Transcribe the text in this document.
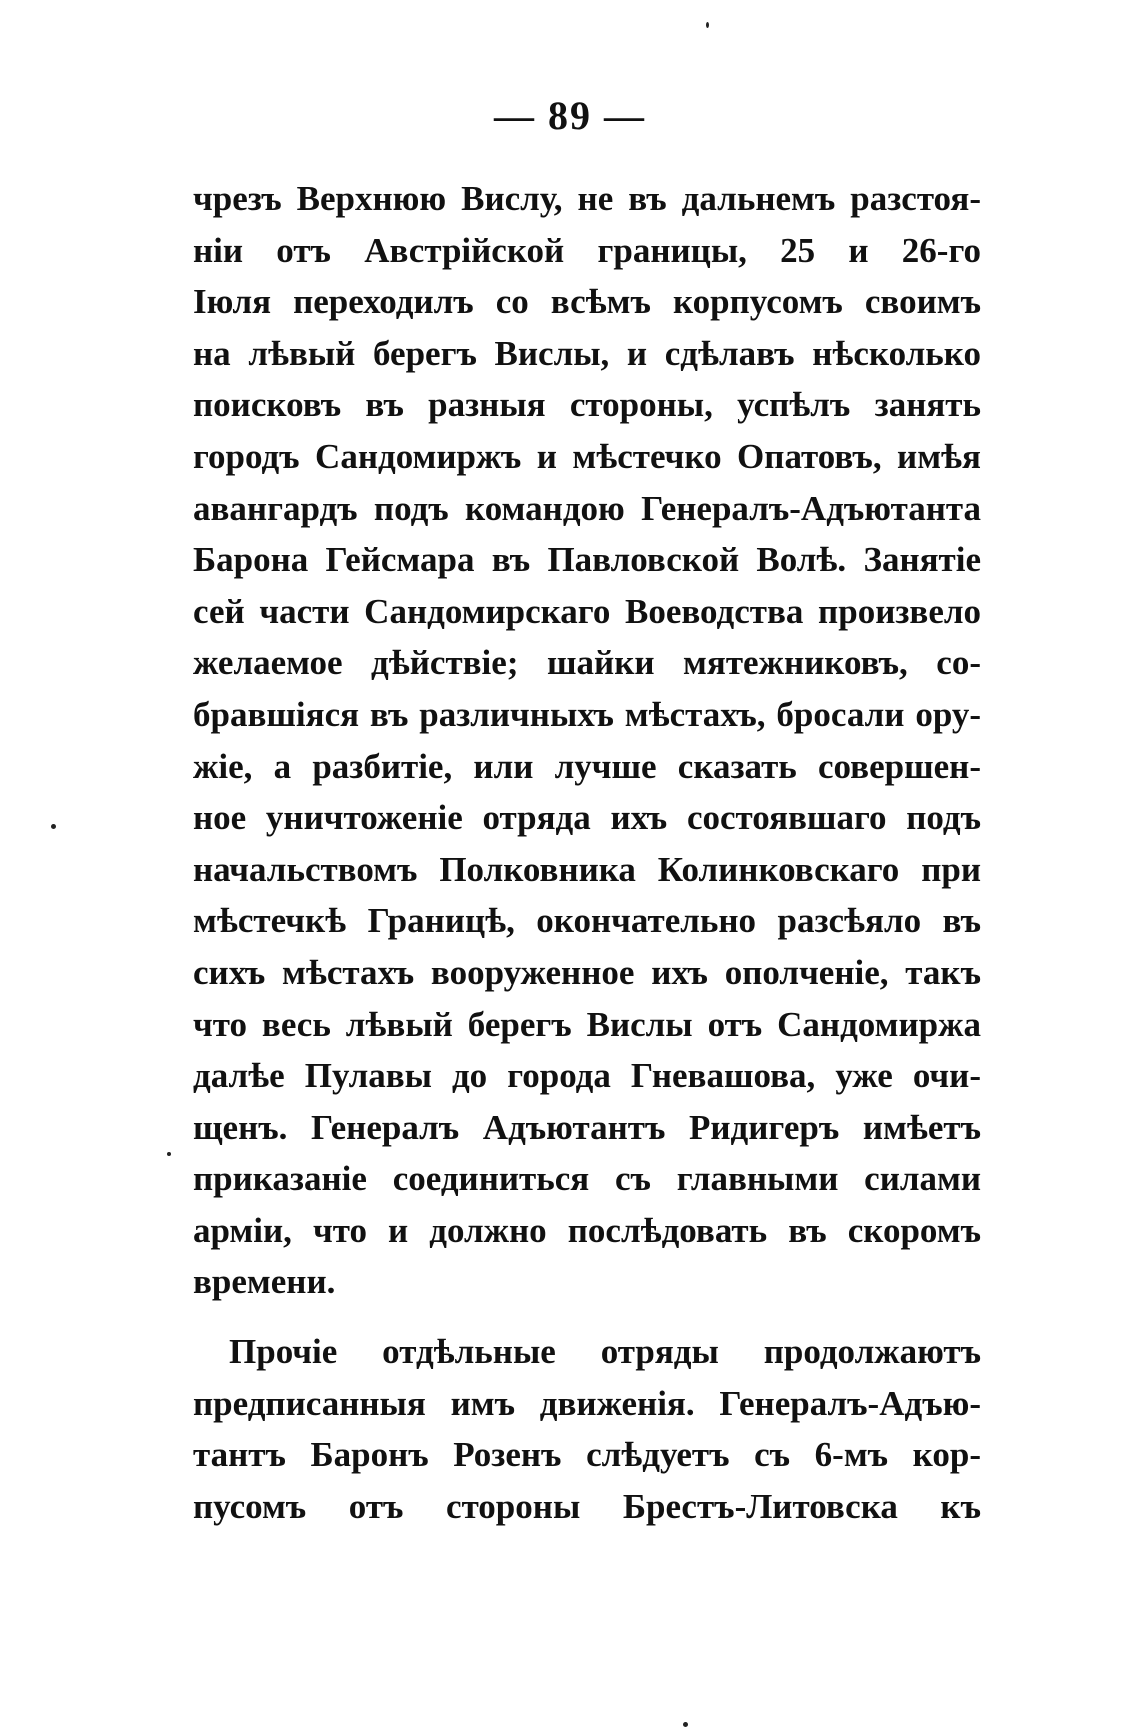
— 89 —
чрезъ Верхнюю Вислу, не въ дальнемъ разстоя-
нiи отъ Австрiйской границы, 25 и 26-го
Iюля переходилъ со всѣмъ корпусомъ своимъ
на лѣвый берегъ Вислы, и сдѣлавъ нѣсколько
поисковъ въ разныя стороны, успѣлъ занять
городъ Сандомиржъ и мѣстечко Опатовъ, имѣя
авангардъ подъ командою Генералъ-Адъютанта
Барона Гейсмара въ Павловской Волѣ. Занятiе
сей части Сандомирскаго Воеводства произвело
желаемое дѣйствiе; шайки мятежниковъ, со-
бравшiяся въ различныхъ мѣстахъ, бросали ору-
жiе, а разбитiе, или лучше сказать совершен-
ное уничтоженiе отряда ихъ состоявшаго подъ
начальствомъ Полковника Колинковскаго при
мѣстечкѣ Границѣ, окончательно разсѣяло въ
сихъ мѣстахъ вооруженное ихъ ополченiе, такъ
что весь лѣвый берегъ Вислы отъ Сандомиржа
далѣе Пулавы до города Гневашова, уже очи-
щенъ. Генералъ Адъютантъ Ридигеръ имѣетъ
приказанiе соединиться съ главными силами
армiи, что и должно послѣдовать въ скоромъ
времени.
Прочiе отдѣльные отряды продолжаютъ
предписанныя имъ движенiя. Генералъ-Адъю-
тантъ Баронъ Розенъ слѣдуетъ съ 6-мъ кор-
пусомъ отъ стороны Брестъ-Литовска къ
